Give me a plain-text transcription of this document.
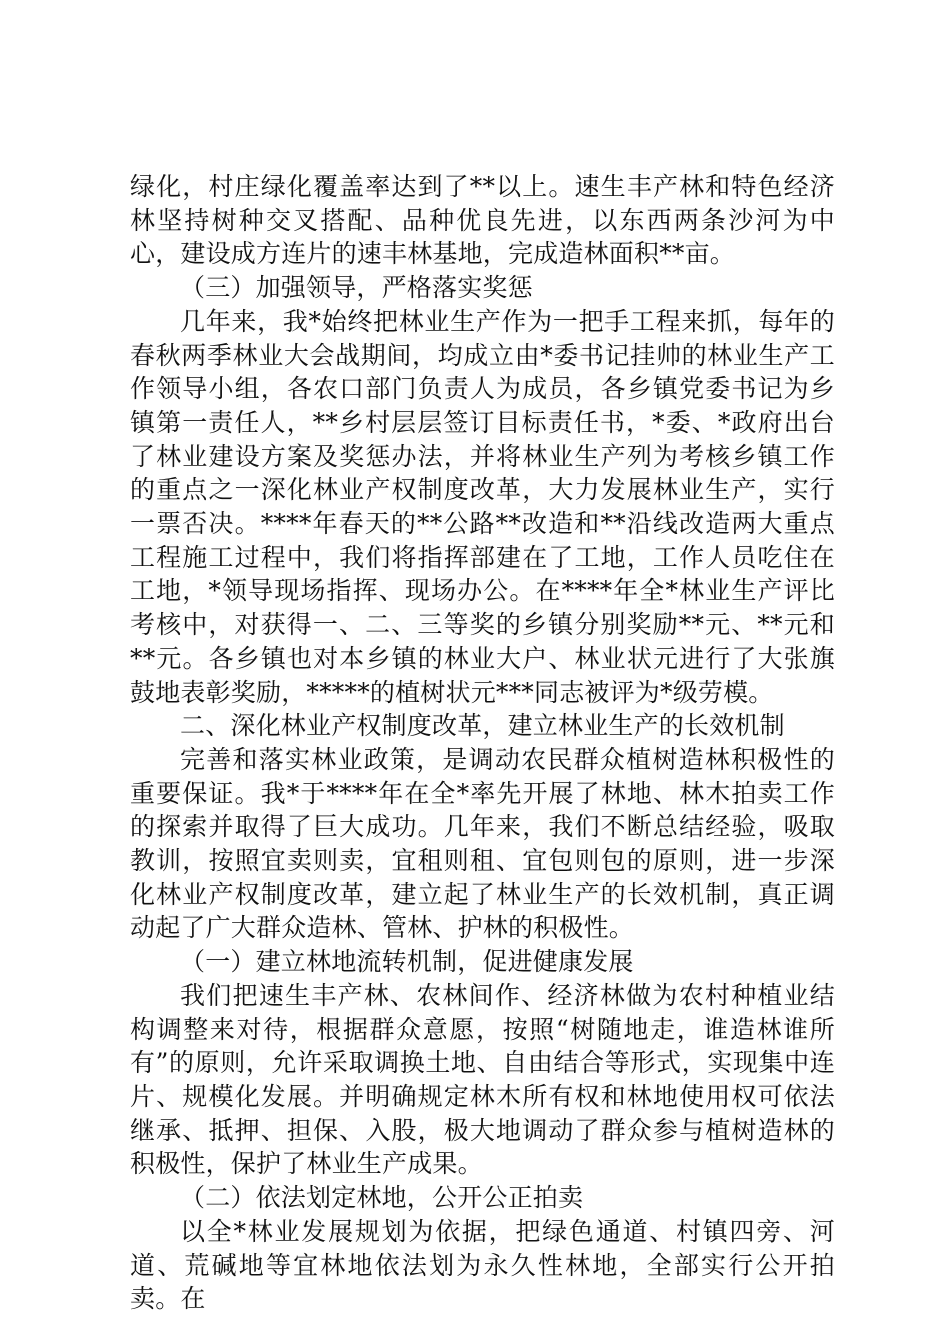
绿化，村庄绿化覆盖率达到了**以上。速生丰产林和特色经济林坚持树种交叉搭配、品种优良先进，以东西两条沙河为中心，建设成方连片的速丰林基地，完成造林面积**亩。

（三）加强领导，严格落实奖惩

几年来，我*始终把林业生产作为一把手工程来抓，每年的春秋两季林业大会战期间，均成立由*委书记挂帅的林业生产工作领导小组，各农口部门负责人为成员，各乡镇党委书记为乡镇第一责任人，**乡村层层签订目标责任书，*委、*政府出台了林业建设方案及奖惩办法，并将林业生产列为考核乡镇工作的重点之一深化林业产权制度改革，大力发展林业生产，实行一票否决。****年春天的**公路**改造和**沿线改造两大重点工程施工过程中，我们将指挥部建在了工地，工作人员吃住在工地，*领导现场指挥、现场办公。在****年全*林业生产评比考核中，对获得一、二、三等奖的乡镇分别奖励**元、**元和**元。各乡镇也对本乡镇的林业大户、林业状元进行了大张旗鼓地表彰奖励，*****的植树状元***同志被评为*级劳模。

二、深化林业产权制度改革，建立林业生产的长效机制

完善和落实林业政策，是调动农民群众植树造林积极性的重要保证。我*于****年在全*率先开展了林地、林木拍卖工作的探索并取得了巨大成功。几年来，我们不断总结经验，吸取教训，按照宜卖则卖，宜租则租、宜包则包的原则，进一步深化林业产权制度改革，建立起了林业生产的长效机制，真正调动起了广大群众造林、管林、护林的积极性。

（一）建立林地流转机制，促进健康发展

我们把速生丰产林、农林间作、经济林做为农村种植业结构调整来对待，根据群众意愿，按照“树随地走，谁造林谁所有”的原则，允许采取调换土地、自由结合等形式，实现集中连片、规模化发展。并明确规定林木所有权和林地使用权可依法继承、抵押、担保、入股，极大地调动了群众参与植树造林的积极性，保护了林业生产成果。

（二）依法划定林地，公开公正拍卖

以全*林业发展规划为依据，把绿色通道、村镇四旁、河道、荒碱地等宜林地依法划为永久性林地，全部实行公开拍卖。在
